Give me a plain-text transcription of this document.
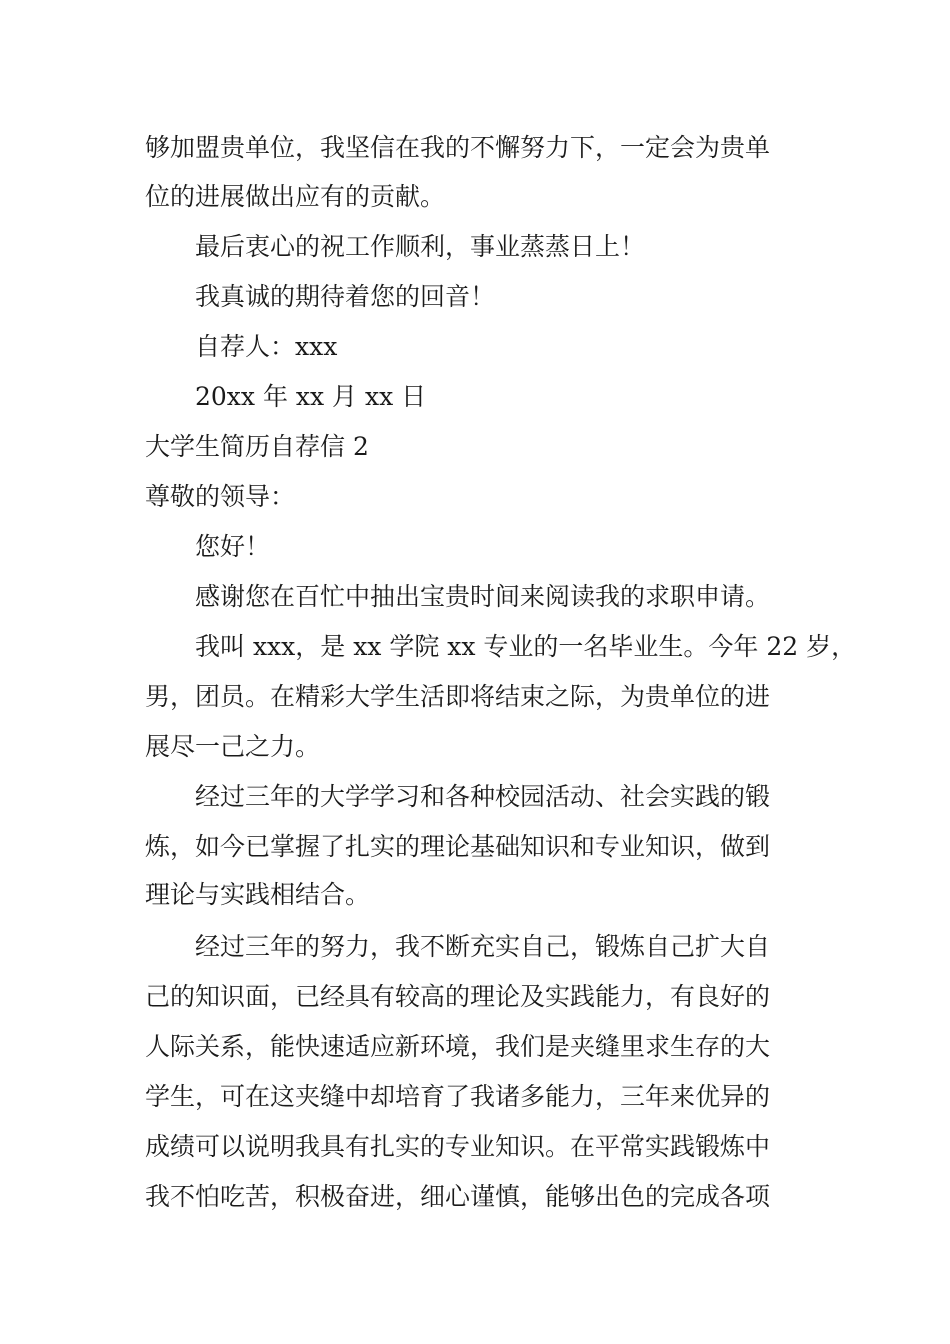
够加盟贵单位，我坚信在我的不懈努力下，一定会为贵单
位的进展做出应有的贡献。
最后衷心的祝工作顺利，事业蒸蒸日上！
我真诚的期待着您的回音！
自荐人：xxx
20xx 年 xx 月 xx 日
大学生简历自荐信 2
尊敬的领导：
您好！
感谢您在百忙中抽出宝贵时间来阅读我的求职申请。
我叫 xxx，是 xx 学院 xx 专业的一名毕业生。今年 22 岁，
男，团员。在精彩大学生活即将结束之际，为贵单位的进
展尽一己之力。
经过三年的大学学习和各种校园活动、社会实践的锻
炼，如今已掌握了扎实的理论基础知识和专业知识，做到
理论与实践相结合。
经过三年的努力，我不断充实自己，锻炼自己扩大自
己的知识面，已经具有较高的理论及实践能力，有良好的
人际关系，能快速适应新环境，我们是夹缝里求生存的大
学生，可在这夹缝中却培育了我诸多能力，三年来优异的
成绩可以说明我具有扎实的专业知识。在平常实践锻炼中
我不怕吃苦，积极奋进，细心谨慎，能够出色的完成各项
